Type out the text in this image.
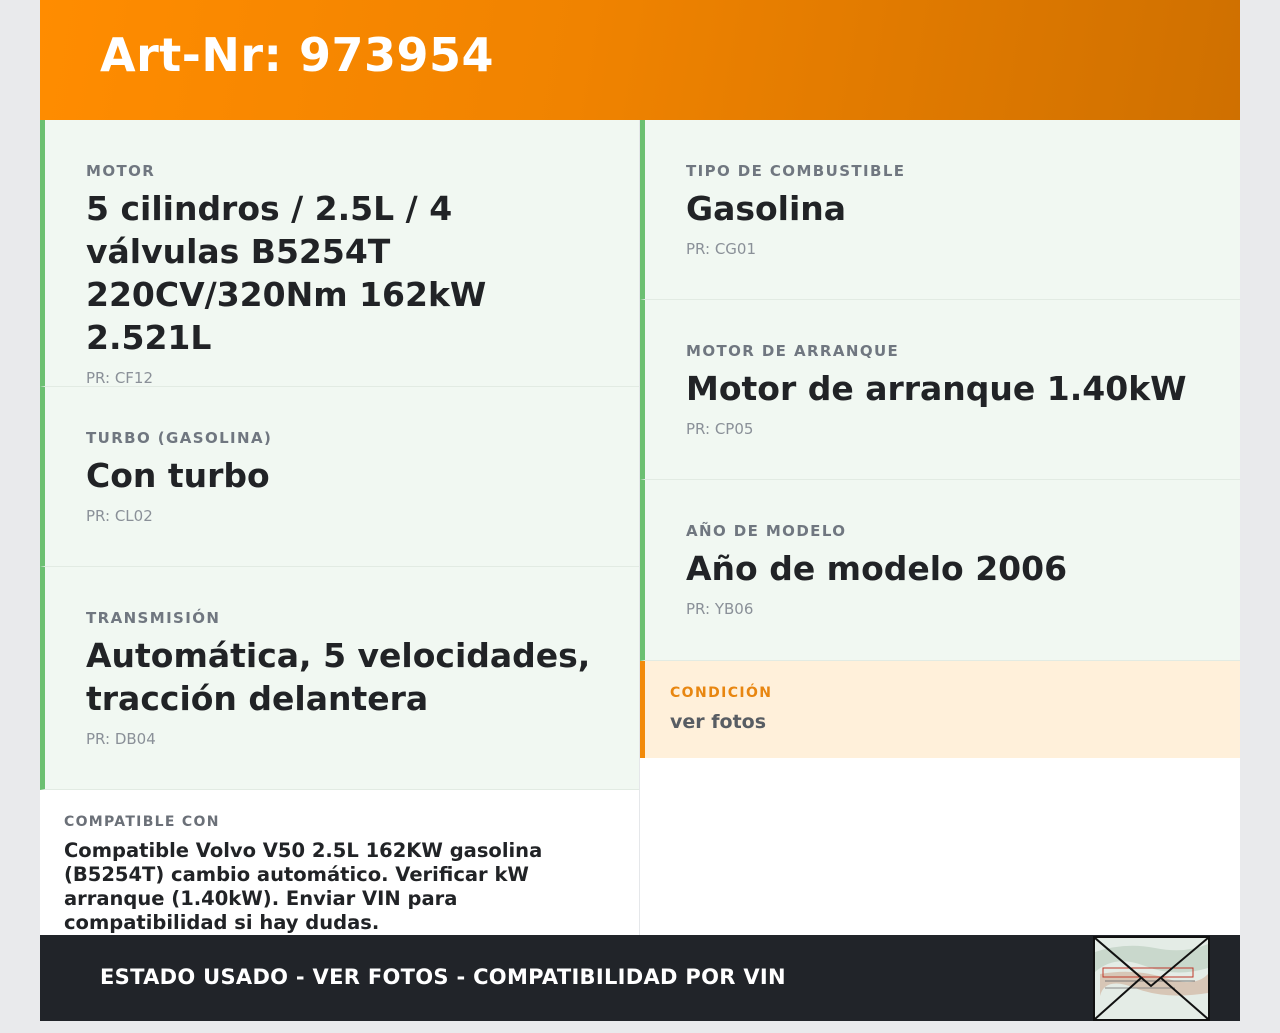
Art-Nr: 973954
MOTOR
5 cilindros / 2.5L / 4 válvulas B5254T 220CV/320Nm 162kW 2.521L
PR: CF12
TURBO (GASOLINA)
Con turbo
PR: CL02
TRANSMISIÓN
Automática, 5 velocidades, tracción delantera
PR: DB04
COMPATIBLE CON
Compatible Volvo V50 2.5L 162KW gasolina (B5254T) cambio automático. Verificar kW arranque (1.40kW). Enviar VIN para compatibilidad si hay dudas.
TIPO DE COMBUSTIBLE
Gasolina
PR: CG01
MOTOR DE ARRANQUE
Motor de arranque 1.40kW
PR: CP05
AÑO DE MODELO
Año de modelo 2006
PR: YB06
CONDICIÓN
ver fotos
ESTADO USADO - VER FOTOS - COMPATIBILIDAD POR VIN
